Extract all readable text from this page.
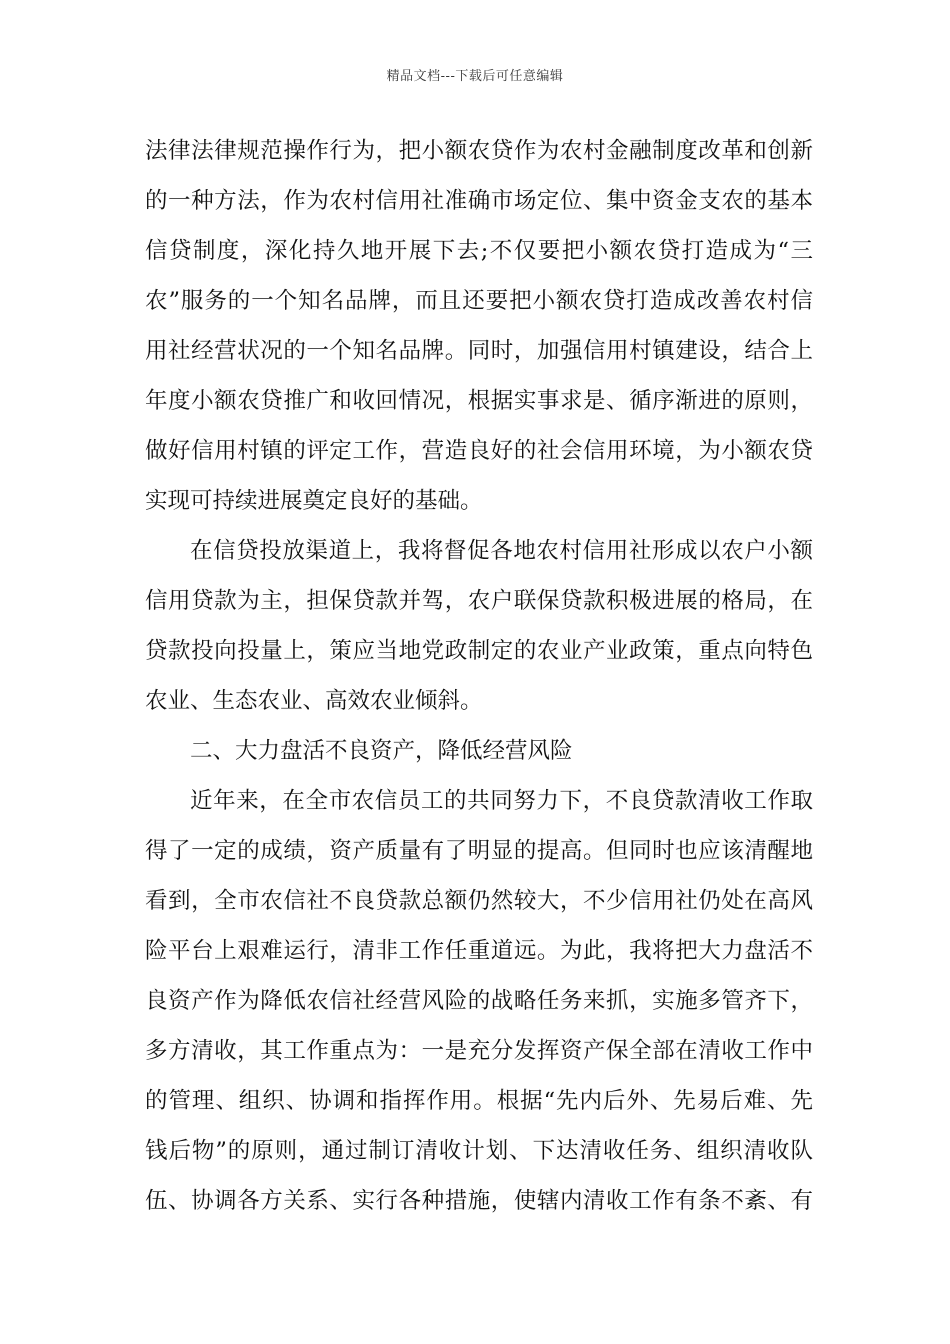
精品文档---下载后可任意编辑
法律法律规范操作行为，把小额农贷作为农村金融制度改革和创新
的一种方法，作为农村信用社准确市场定位、集中资金支农的基本
信贷制度，深化持久地开展下去;不仅要把小额农贷打造成为“三
农”服务的一个知名品牌，而且还要把小额农贷打造成改善农村信
用社经营状况的一个知名品牌。同时，加强信用村镇建设，结合上
年度小额农贷推广和收回情况，根据实事求是、循序渐进的原则，
做好信用村镇的评定工作，营造良好的社会信用环境，为小额农贷
实现可持续进展奠定良好的基础。
在信贷投放渠道上，我将督促各地农村信用社形成以农户小额
信用贷款为主，担保贷款并驾，农户联保贷款积极进展的格局，在
贷款投向投量上，策应当地党政制定的农业产业政策，重点向特色
农业、生态农业、高效农业倾斜。
二、大力盘活不良资产，降低经营风险
近年来，在全市农信员工的共同努力下，不良贷款清收工作取
得了一定的成绩，资产质量有了明显的提高。但同时也应该清醒地
看到，全市农信社不良贷款总额仍然较大，不少信用社仍处在高风
险平台上艰难运行，清非工作任重道远。为此，我将把大力盘活不
良资产作为降低农信社经营风险的战略任务来抓，实施多管齐下，
多方清收，其工作重点为：一是充分发挥资产保全部在清收工作中
的管理、组织、协调和指挥作用。根据“先内后外、先易后难、先
钱后物”的原则，通过制订清收计划、下达清收任务、组织清收队
伍、协调各方关系、实行各种措施，使辖内清收工作有条不紊、有
